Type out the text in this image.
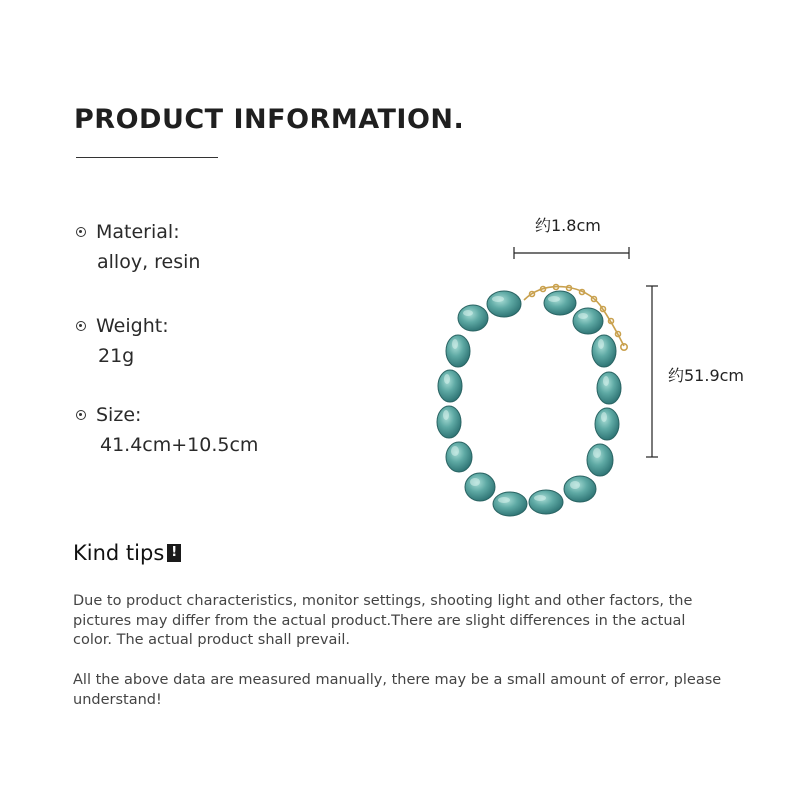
PRODUCT INFORMATION.
Material:
alloy, resin
Weight:
21g
Size:
41.4cm+10.5cm
约1.8cm
约51.9cm
Kind tips !

Due to product characteristics, monitor settings, shooting light and other factors, the pictures may differ from the actual product.There are slight differences in the actual color. The actual product shall prevail.

All the above data are measured manually, there may be a small amount of error, please understand!
